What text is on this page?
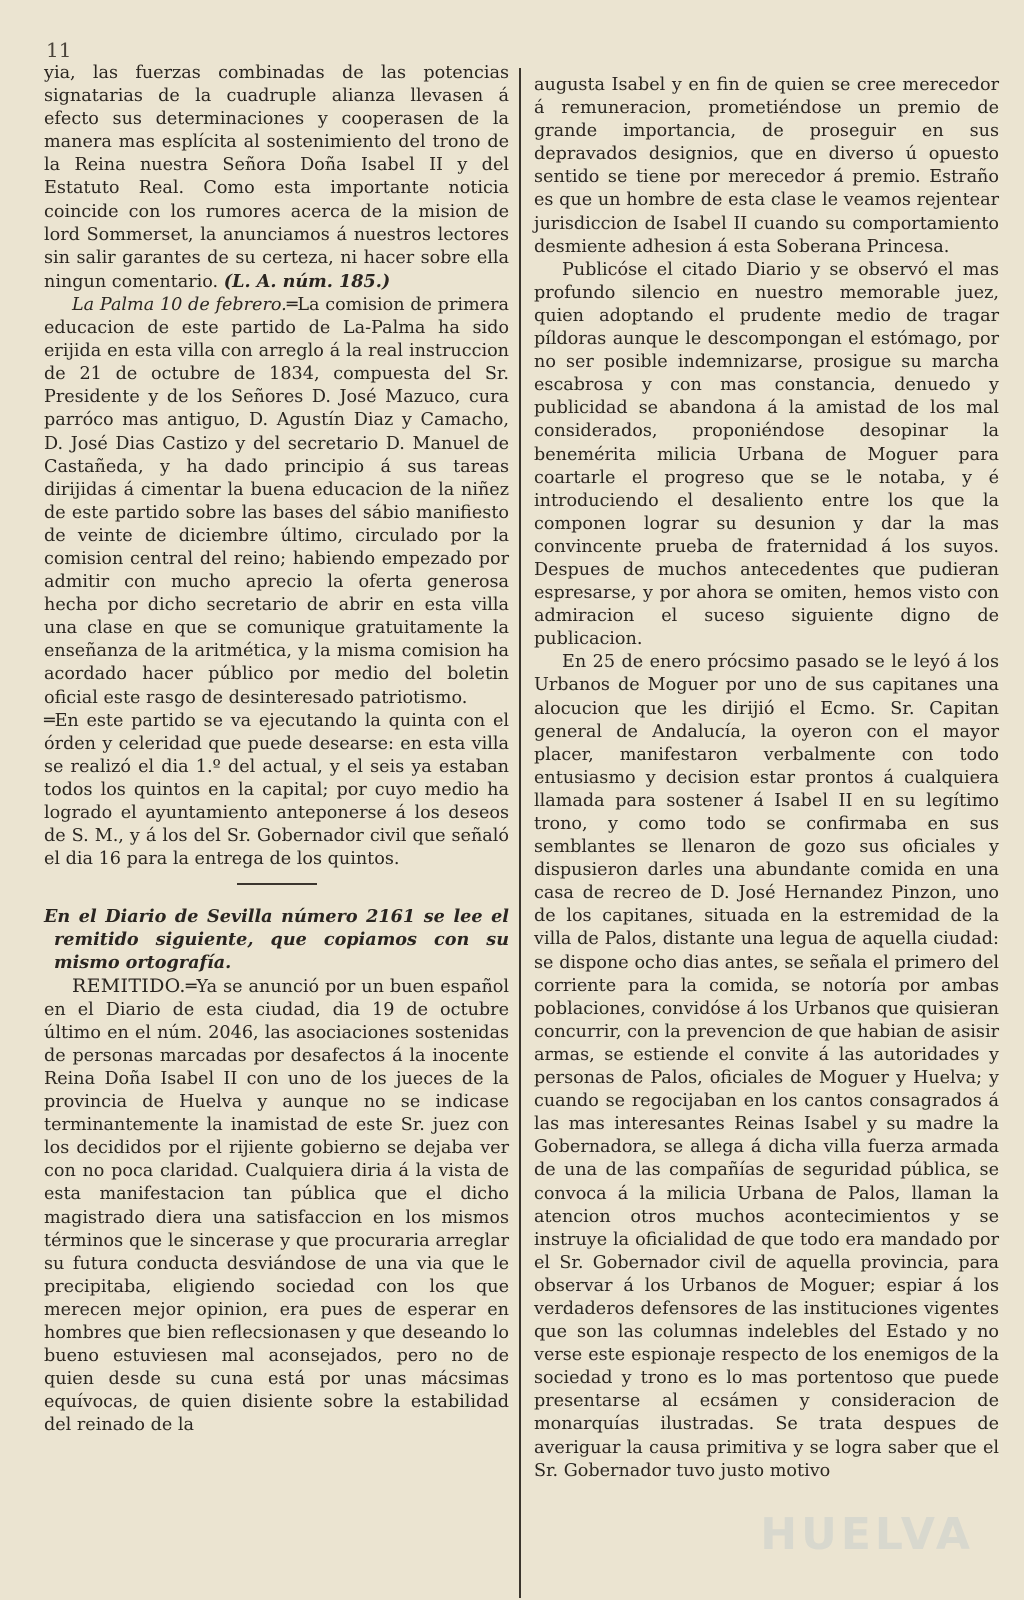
11

yia, las fuerzas combinadas de las potencias signatarias de la cuadruple alianza llevasen á efecto sus determinaciones y cooperasen de la manera mas esplícita al sostenimiento del trono de la Reina nuestra Señora Doña Isabel II y del Estatuto Real. Como esta importante noticia coincide con los rumores acerca de la mision de lord Sommerset, la anunciamos á nuestros lectores sin salir garantes de su certeza, ni hacer sobre ella ningun comentario. (L. A. núm. 185.)

La Palma 10 de febrero.═La comision de primera educacion de este partido de La-Palma ha sido erijida en esta villa con arreglo á la real instruccion de 21 de octubre de 1834, compuesta del Sr. Presidente y de los Señores D. José Mazuco, cura parróco mas antiguo, D. Agustín Diaz y Camacho, D. José Dias Castizo y del secretario D. Manuel de Castañeda, y ha dado principio á sus tareas dirijidas á cimentar la buena educacion de la niñez de este partido sobre las bases del sábio manifiesto de veinte de diciembre último, circulado por la comision central del reino; habiendo empezado por admitir con mucho aprecio la oferta generosa hecha por dicho secretario de abrir en esta villa una clase en que se comunique gratuitamente la enseñanza de la aritmética, y la misma comision ha acordado hacer público por medio del boletin oficial este rasgo de desinteresado patriotismo.

═En este partido se va ejecutando la quinta con el órden y celeridad que puede desearse: en esta villa se realizó el dia 1.º del actual, y el seis ya estaban todos los quintos en la capital; por cuyo medio ha logrado el ayuntamiento anteponerse á los deseos de S. M., y á los del Sr. Gobernador civil que señaló el dia 16 para la entrega de los quintos.

En el Diario de Sevilla número 2161 se lee el remitido siguiente, que copiamos con su mismo ortografía.

REMITIDO.═Ya se anunció por un buen español en el Diario de esta ciudad, dia 19 de octubre último en el núm. 2046, las asociaciones sostenidas de personas marcadas por desafectos á la inocente Reina Doña Isabel II con uno de los jueces de la provincia de Huelva y aunque no se indicase terminantemente la inamistad de este Sr. juez con los decididos por el rijiente gobierno se dejaba ver con no poca claridad. Cualquiera diria á la vista de esta manifestacion tan pública que el dicho magistrado diera una satisfaccion en los mismos términos que le sincerase y que procuraria arreglar su futura conducta desviándose de una via que le precipitaba, eligiendo sociedad con los que merecen mejor opinion, era pues de esperar en hombres que bien reflecsionasen y que deseando lo bueno estuviesen mal aconsejados, pero no de quien desde su cuna está por unas mácsimas equívocas, de quien disiente sobre la estabilidad del reinado de la

augusta Isabel y en fin de quien se cree merecedor á remuneracion, prometiéndose un premio de grande importancia, de proseguir en sus depravados designios, que en diverso ú opuesto sentido se tiene por merecedor á premio. Estraño es que un hombre de esta clase le veamos rejentear jurisdiccion de Isabel II cuando su comportamiento desmiente adhesion á esta Soberana Princesa.

Publicóse el citado Diario y se observó el mas profundo silencio en nuestro memorable juez, quien adoptando el prudente medio de tragar píldoras aunque le descompongan el estómago, por no ser posible indemnizarse, prosigue su marcha escabrosa y con mas constancia, denuedo y publicidad se abandona á la amistad de los mal considerados, proponiéndose desopinar la benemérita milicia Urbana de Moguer para coartarle el progreso que se le notaba, y é introduciendo el desaliento entre los que la componen lograr su desunion y dar la mas convincente prueba de fraternidad á los suyos. Despues de muchos antecedentes que pudieran espresarse, y por ahora se omiten, hemos visto con admiracion el suceso siguiente digno de publicacion.

En 25 de enero prócsimo pasado se le leyó á los Urbanos de Moguer por uno de sus capitanes una alocucion que les dirijió el Ecmo. Sr. Capitan general de Andalucía, la oyeron con el mayor placer, manifestaron verbalmente con todo entusiasmo y decision estar prontos á cualquiera llamada para sostener á Isabel II en su legítimo trono, y como todo se confirmaba en sus semblantes se llenaron de gozo sus oficiales y dispusieron darles una abundante comida en una casa de recreo de D. José Hernandez Pinzon, uno de los capitanes, situada en la estremidad de la villa de Palos, distante una legua de aquella ciudad: se dispone ocho dias antes, se señala el primero del corriente para la comida, se notoría por ambas poblaciones, convidóse á los Urbanos que quisieran concurrir, con la prevencion de que habian de asisir armas, se estiende el convite á las autoridades y personas de Palos, oficiales de Moguer y Huelva; y cuando se regocijaban en los cantos consagrados á las mas interesantes Reinas Isabel y su madre la Gobernadora, se allega á dicha villa fuerza armada de una de las compañías de seguridad pública, se convoca á la milicia Urbana de Palos, llaman la atencion otros muchos acontecimientos y se instruye la oficialidad de que todo era mandado por el Sr. Gobernador civil de aquella provincia, para observar á los Urbanos de Moguer; espiar á los verdaderos defensores de las instituciones vigentes que son las columnas indelebles del Estado y no verse este espionaje respecto de los enemigos de la sociedad y trono es lo mas portentoso que puede presentarse al ecsámen y consideracion de monarquías ilustradas. Se trata despues de averiguar la causa primitiva y se logra saber que el Sr. Gobernador tuvo justo motivo

HUELVA
